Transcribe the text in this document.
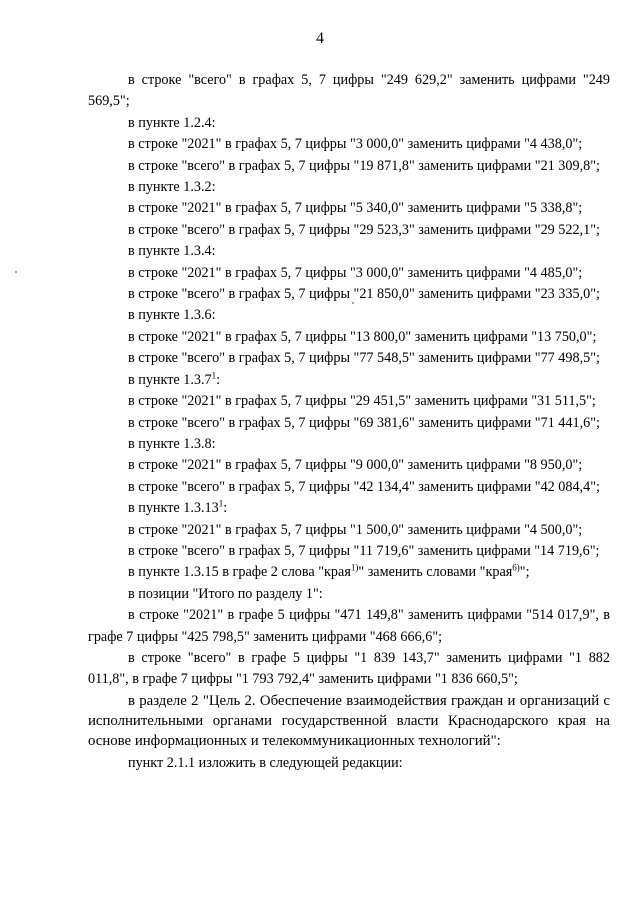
4

в строке "всего" в графах 5, 7 цифры "249 629,2" заменить цифрами "249 569,5";

в пункте 1.2.4:

в строке "2021" в графах 5, 7 цифры "3 000,0" заменить цифрами "4 438,0";

в строке "всего" в графах 5, 7 цифры "19 871,8" заменить цифрами "21 309,8";

в пункте 1.3.2:

в строке "2021" в графах 5, 7 цифры "5 340,0" заменить цифрами "5 338,8";

в строке "всего" в графах 5, 7 цифры "29 523,3" заменить цифрами "29 522,1";

в пункте 1.3.4:

в строке "2021" в графах 5, 7 цифры "3 000,0" заменить цифрами "4 485,0";

в строке "всего" в графах 5, 7 цифры "21 850,0" заменить цифрами "23 335,0";

в пункте 1.3.6:

в строке "2021" в графах 5, 7 цифры "13 800,0" заменить цифрами "13 750,0";

в строке "всего" в графах 5, 7 цифры "77 548,5" заменить цифрами "77 498,5";

в пункте 1.3.7$^1$:

в строке "2021" в графах 5, 7 цифры "29 451,5" заменить цифрами "31 511,5";

в строке "всего" в графах 5, 7 цифры "69 381,6" заменить цифрами "71 441,6";

в пункте 1.3.8:

в строке "2021" в графах 5, 7 цифры "9 000,0" заменить цифрами "8 950,0";

в строке "всего" в графах 5, 7 цифры "42 134,4" заменить цифрами "42 084,4";

в пункте 1.3.13$^1$:

в строке "2021" в графах 5, 7 цифры "1 500,0" заменить цифрами "4 500,0";

в строке "всего" в графах 5, 7 цифры "11 719,6" заменить цифрами "14 719,6";

в пункте 1.3.15 в графе 2 слова "края$^{1)}$" заменить словами "края$^{6)}$";

в позиции "Итого по разделу 1":

в строке "2021" в графе 5 цифры "471 149,8" заменить цифрами "514 017,9", в графе 7 цифры "425 798,5" заменить цифрами "468 666,6";

в строке "всего" в графе 5 цифры "1 839 143,7" заменить цифрами "1 882 011,8", в графе 7 цифры "1 793 792,4" заменить цифрами "1 836 660,5";

в разделе 2 "Цель 2. Обеспечение взаимодействия граждан и организаций с исполнительными органами государственной власти Краснодарского края на основе информационных и телекоммуникационных технологий":

пункт 2.1.1 изложить в следующей редакции:
